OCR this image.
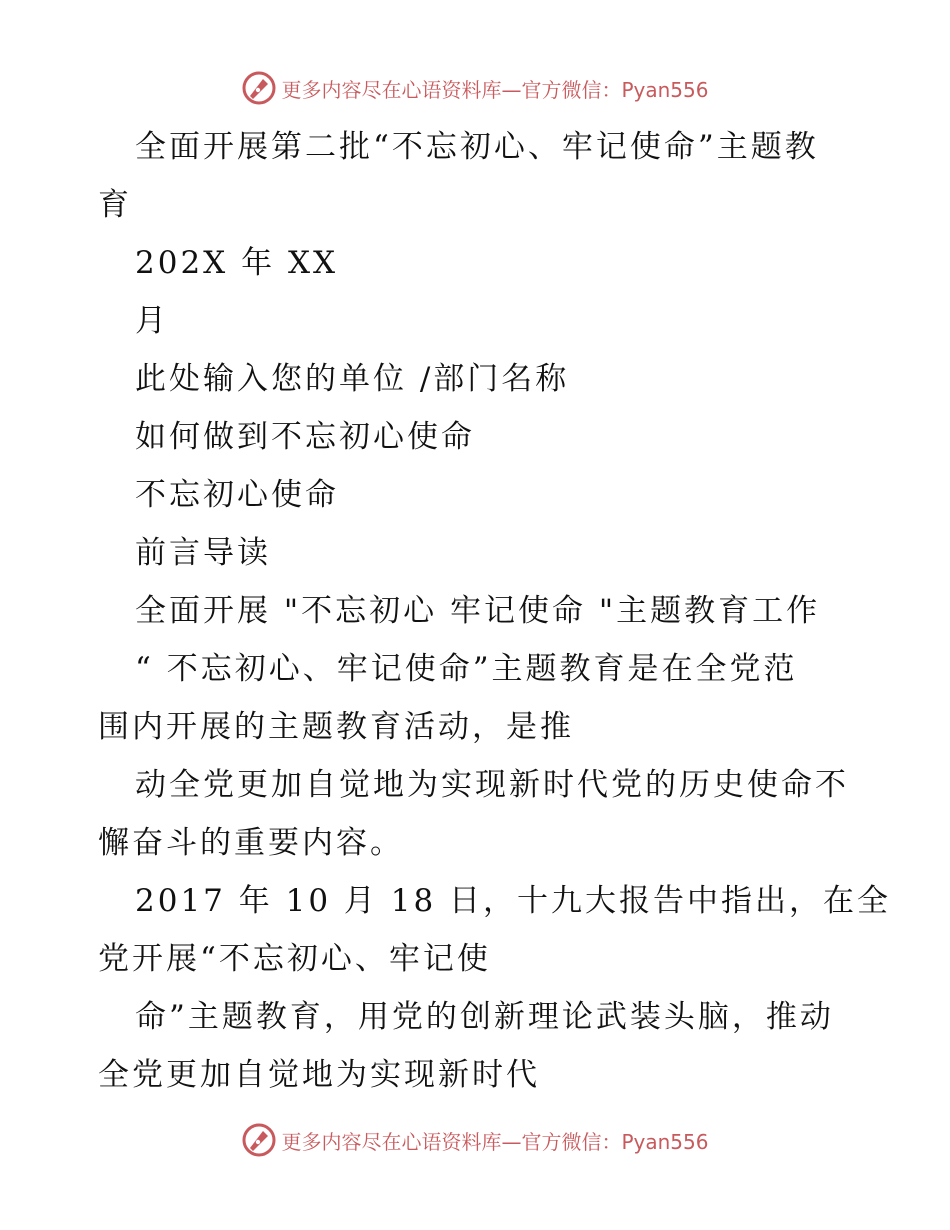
更多内容尽在心语资料库—官方微信：Pyan556
全面开展第二批“不忘初心、牢记使命”主题教
育
202X 年 XX
月
此处输入您的单位 /部门名称
如何做到不忘初心使命
不忘初心使命
前言导读
全面开展 "不忘初心 牢记使命 "主题教育工作
“ 不忘初心、牢记使命”主题教育是在全党范
围内开展的主题教育活动，是推
动全党更加自觉地为实现新时代党的历史使命不
懈奋斗的重要内容。
2017 年 10 月 18 日，十九大报告中指出，在全
党开展“不忘初心、牢记使
命”主题教育，用党的创新理论武装头脑，推动
全党更加自觉地为实现新时代
更多内容尽在心语资料库—官方微信：Pyan556
